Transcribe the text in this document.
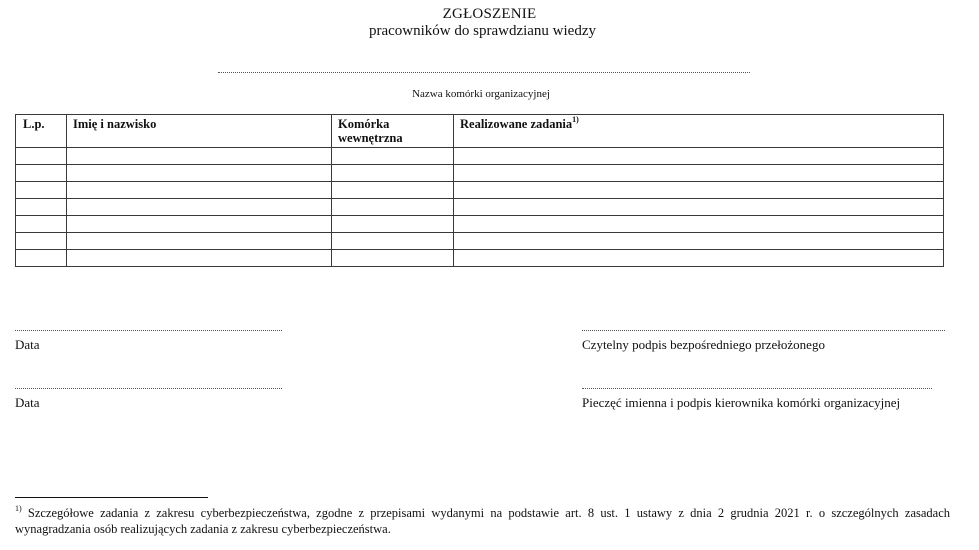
ZGŁOSZENIE
pracowników do sprawdzianu wiedzy
Nazwa komórki organizacyjnej
L.p.	Imię i nazwisko	Komórka wewnętrzna	Realizowane zadania$^{1)}$

Data
Data
Czytelny podpis bezpośredniego przełożonego
Pieczęć imienna i podpis kierownika komórki organizacyjnej
$^{1)}$ Szczegółowe zadania z zakresu cyberbezpieczeństwa, zgodne z przepisami wydanymi na podstawie art. 8 ust. 1 ustawy z dnia 2 grudnia 2021 r. o szczególnych zasadach wynagradzania osób realizujących zadania z zakresu cyberbezpieczeństwa.
